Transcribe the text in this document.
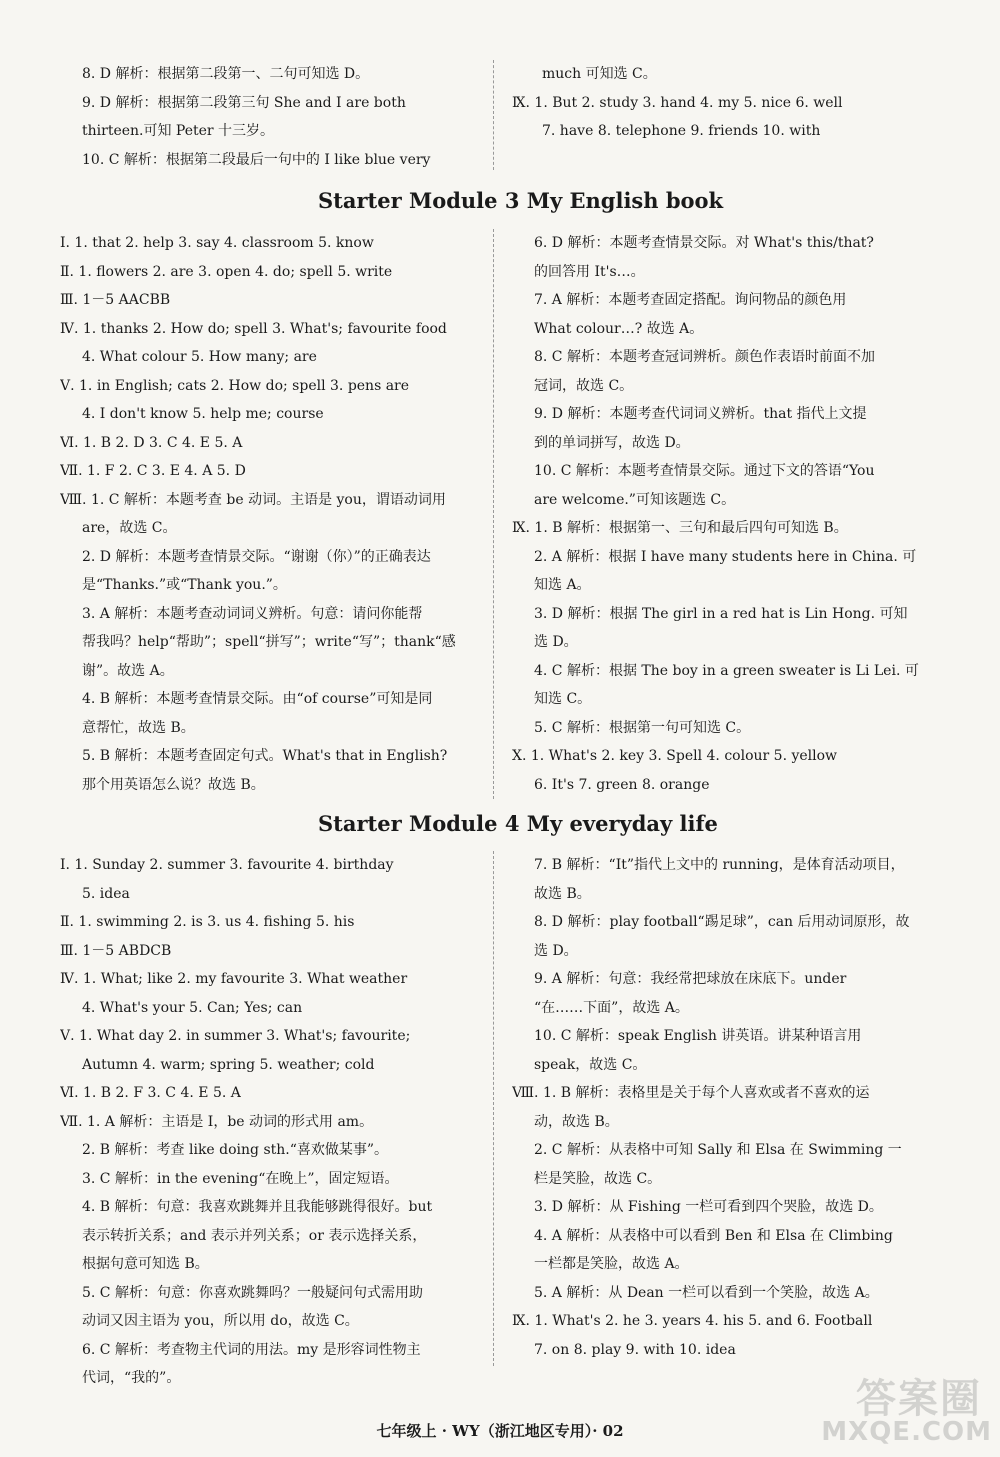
8. D 解析：根据第二段第一、二句可知选 D。
9. D 解析：根据第二段第三句 She and I are both
thirteen.可知 Peter 十三岁。
10. C 解析：根据第二段最后一句中的 I like blue very
much 可知选 C。
Ⅸ. 1. But 2. study 3. hand 4. my 5. nice 6. well
7. have 8. telephone 9. friends 10. with
Starter Module 3 My English book
Ⅰ. 1. that 2. help 3. say 4. classroom 5. know
Ⅱ. 1. flowers 2. are 3. open 4. do; spell 5. write
Ⅲ. 1－5 AACBB
Ⅳ. 1. thanks 2. How do; spell 3. What's; favourite food
4. What colour 5. How many; are
Ⅴ. 1. in English; cats 2. How do; spell 3. pens are
4. I don't know 5. help me; course
Ⅵ. 1. B 2. D 3. C 4. E 5. A
Ⅶ. 1. F 2. C 3. E 4. A 5. D
Ⅷ. 1. C 解析：本题考查 be 动词。主语是 you，谓语动词用
are，故选 C。
2. D 解析：本题考查情景交际。“谢谢（你）”的正确表达
是“Thanks.”或“Thank you.”。
3. A 解析：本题考查动词词义辨析。句意：请问你能帮
帮我吗？help“帮助”；spell“拼写”；write“写”；thank“感
谢”。故选 A。
4. B 解析：本题考查情景交际。由“of course”可知是同
意帮忙，故选 B。
5. B 解析：本题考查固定句式。What's that in English?
那个用英语怎么说？故选 B。
6. D 解析：本题考查情景交际。对 What's this/that?
的回答用 It's…。
7. A 解析：本题考查固定搭配。询问物品的颜色用
What colour…? 故选 A。
8. C 解析：本题考查冠词辨析。颜色作表语时前面不加
冠词，故选 C。
9. D 解析：本题考查代词词义辨析。that 指代上文提
到的单词拼写，故选 D。
10. C 解析：本题考查情景交际。通过下文的答语“You
are welcome.”可知该题选 C。
Ⅸ. 1. B 解析：根据第一、三句和最后四句可知选 B。
2. A 解析：根据 I have many students here in China. 可
知选 A。
3. D 解析：根据 The girl in a red hat is Lin Hong. 可知
选 D。
4. C 解析：根据 The boy in a green sweater is Li Lei. 可
知选 C。
5. C 解析：根据第一句可知选 C。
Ⅹ. 1. What's 2. key 3. Spell 4. colour 5. yellow
6. It's 7. green 8. orange
Starter Module 4 My everyday life
Ⅰ. 1. Sunday 2. summer 3. favourite 4. birthday
5. idea
Ⅱ. 1. swimming 2. is 3. us 4. fishing 5. his
Ⅲ. 1－5 ABDCB
Ⅳ. 1. What; like 2. my favourite 3. What weather
4. What's your 5. Can; Yes; can
Ⅴ. 1. What day 2. in summer 3. What's; favourite;
Autumn 4. warm; spring 5. weather; cold
Ⅵ. 1. B 2. F 3. C 4. E 5. A
Ⅶ. 1. A 解析：主语是 I，be 动词的形式用 am。
2. B 解析：考查 like doing sth.“喜欢做某事”。
3. C 解析：in the evening“在晚上”，固定短语。
4. B 解析：句意：我喜欢跳舞并且我能够跳得很好。but
表示转折关系；and 表示并列关系；or 表示选择关系，
根据句意可知选 B。
5. C 解析：句意：你喜欢跳舞吗？一般疑问句式需用助
动词又因主语为 you，所以用 do，故选 C。
6. C 解析：考查物主代词的用法。my 是形容词性物主
代词，“我的”。
7. B 解析：“It”指代上文中的 running，是体育活动项目，
故选 B。
8. D 解析：play football“踢足球”，can 后用动词原形，故
选 D。
9. A 解析：句意：我经常把球放在床底下。under
“在……下面”，故选 A。
10. C 解析：speak English 讲英语。讲某种语言用
speak，故选 C。
Ⅷ. 1. B 解析：表格里是关于每个人喜欢或者不喜欢的运
动，故选 B。
2. C 解析：从表格中可知 Sally 和 Elsa 在 Swimming 一
栏是笑脸，故选 C。
3. D 解析：从 Fishing 一栏可看到四个哭脸，故选 D。
4. A 解析：从表格中可以看到 Ben 和 Elsa 在 Climbing
一栏都是笑脸，故选 A。
5. A 解析：从 Dean 一栏可以看到一个笑脸，故选 A。
Ⅸ. 1. What's 2. he 3. years 4. his 5. and 6. Football
7. on 8. play 9. with 10. idea
七年级上 · WY（浙江地区专用）· 02
答案圈
MXQE.COM
